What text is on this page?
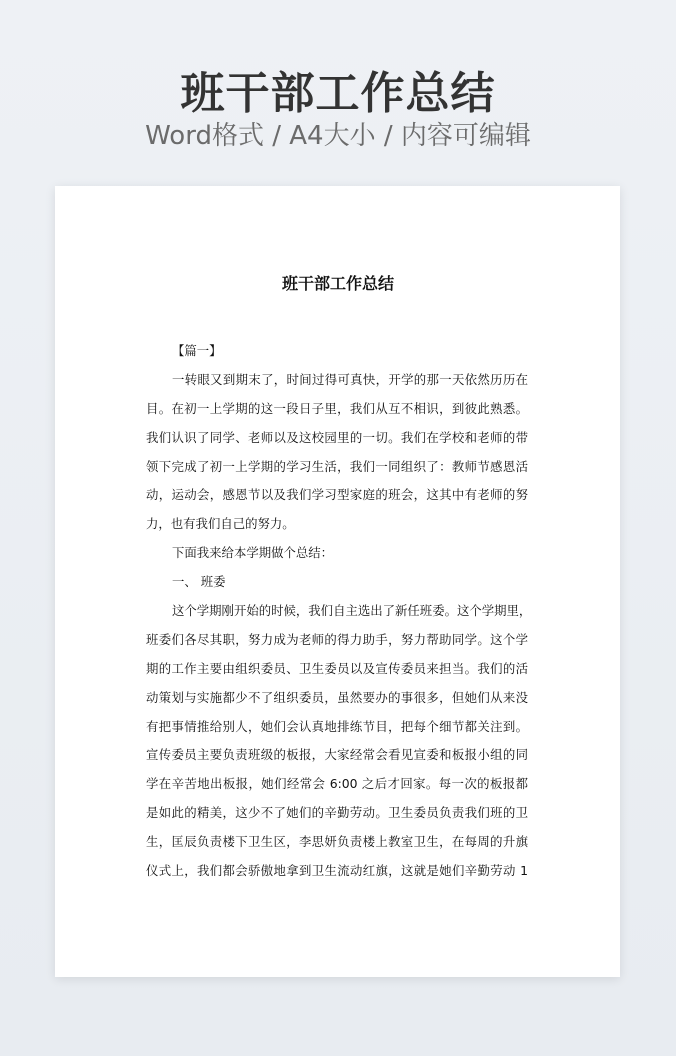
班干部工作总结
Word格式 / A4大小 / 内容可编辑
班干部工作总结
【篇一】
一转眼又到期末了，时间过得可真快，开学的那一天依然历历在
目。在初一上学期的这一段日子里，我们从互不相识，到彼此熟悉。
我们认识了同学、老师以及这校园里的一切。我们在学校和老师的带
领下完成了初一上学期的学习生活，我们一同组织了：教师节感恩活
动，运动会，感恩节以及我们学习型家庭的班会，这其中有老师的努
力，也有我们自己的努力。
下面我来给本学期做个总结：
一、 班委
这个学期刚开始的时候，我们自主选出了新任班委。这个学期里，
班委们各尽其职，努力成为老师的得力助手，努力帮助同学。这个学
期的工作主要由组织委员、卫生委员以及宣传委员来担当。我们的活
动策划与实施都少不了组织委员，虽然要办的事很多，但她们从来没
有把事情推给别人，她们会认真地排练节目，把每个细节都关注到。
宣传委员主要负责班级的板报，大家经常会看见宣委和板报小组的同
学在辛苦地出板报，她们经常会 6:00 之后才回家。每一次的板报都
是如此的精美，这少不了她们的辛勤劳动。卫生委员负责我们班的卫
生，匡辰负责楼下卫生区，李思妍负责楼上教室卫生，在每周的升旗
仪式上，我们都会骄傲地拿到卫生流动红旗，这就是她们辛勤劳动 1
